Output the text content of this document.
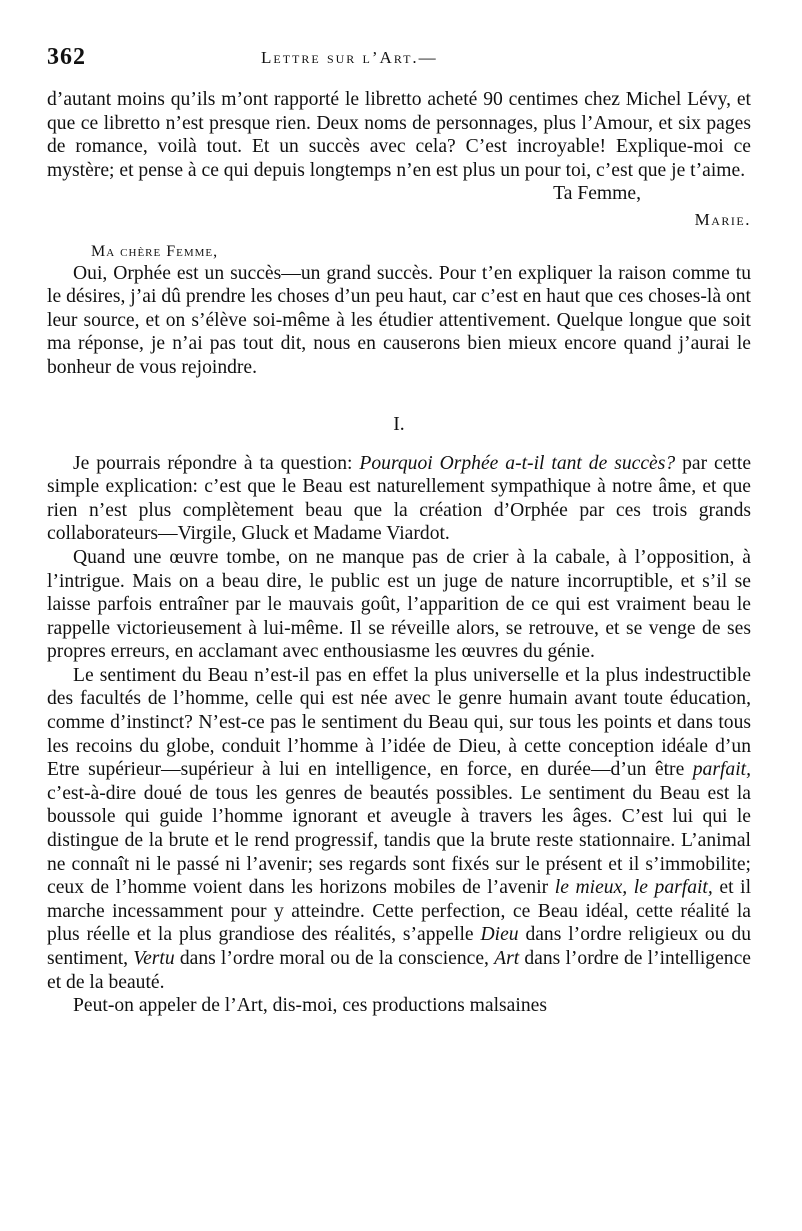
362	Lettre sur l’Art.—

d’autant moins qu’ils m’ont rapporté le libretto acheté 90 centimes chez Michel Lévy, et que ce libretto n’est presque rien. Deux noms de personnages, plus l’Amour, et six pages de romance, voilà tout. Et un succès avec cela? C’est incroyable! Explique-moi ce mystère; et pense à ce qui depuis longtemps n’en est plus un pour toi, c’est que je t’aime.

Ta Femme,
Marie.
Ma chère Femme,

Oui, Orphée est un succès—un grand succès. Pour t’en expliquer la raison comme tu le désires, j’ai dû prendre les choses d’un peu haut, car c’est en haut que ces choses-là ont leur source, et on s’élève soi-même à les étudier attentivement. Quelque longue que soit ma réponse, je n’ai pas tout dit, nous en causerons bien mieux encore quand j’aurai le bonheur de vous rejoindre.

I.

Je pourrais répondre à ta question: Pourquoi Orphée a-t-il tant de succès? par cette simple explication: c’est que le Beau est naturellement sympathique à notre âme, et que rien n’est plus complètement beau que la création d’Orphée par ces trois grands collaborateurs—Virgile, Gluck et Madame Viardot.

Quand une œuvre tombe, on ne manque pas de crier à la cabale, à l’opposition, à l’intrigue. Mais on a beau dire, le public est un juge de nature incorruptible, et s’il se laisse parfois entraîner par le mauvais goût, l’apparition de ce qui est vraiment beau le rappelle victorieusement à lui-même. Il se réveille alors, se retrouve, et se venge de ses propres erreurs, en acclamant avec enthousiasme les œuvres du génie.

Le sentiment du Beau n’est-il pas en effet la plus universelle et la plus indestructible des facultés de l’homme, celle qui est née avec le genre humain avant toute éducation, comme d’instinct? N’est-ce pas le sentiment du Beau qui, sur tous les points et dans tous les recoins du globe, conduit l’homme à l’idée de Dieu, à cette conception idéale d’un Etre supérieur—supérieur à lui en intelligence, en force, en durée—d’un être parfait, c’est-à-dire doué de tous les genres de beautés possibles. Le sentiment du Beau est la boussole qui guide l’homme ignorant et aveugle à travers les âges. C’est lui qui le distingue de la brute et le rend progressif, tandis que la brute reste stationnaire. L’animal ne connaît ni le passé ni l’avenir; ses regards sont fixés sur le présent et il s’immobilite; ceux de l’homme voient dans les horizons mobiles de l’avenir le mieux, le parfait, et il marche incessamment pour y atteindre. Cette perfection, ce Beau idéal, cette réalité la plus réelle et la plus grandiose des réalités, s’appelle Dieu dans l’ordre religieux ou du sentiment, Vertu dans l’ordre moral ou de la conscience, Art dans l’ordre de l’intelligence et de la beauté.

Peut-on appeler de l’Art, dis-moi, ces productions malsaines
